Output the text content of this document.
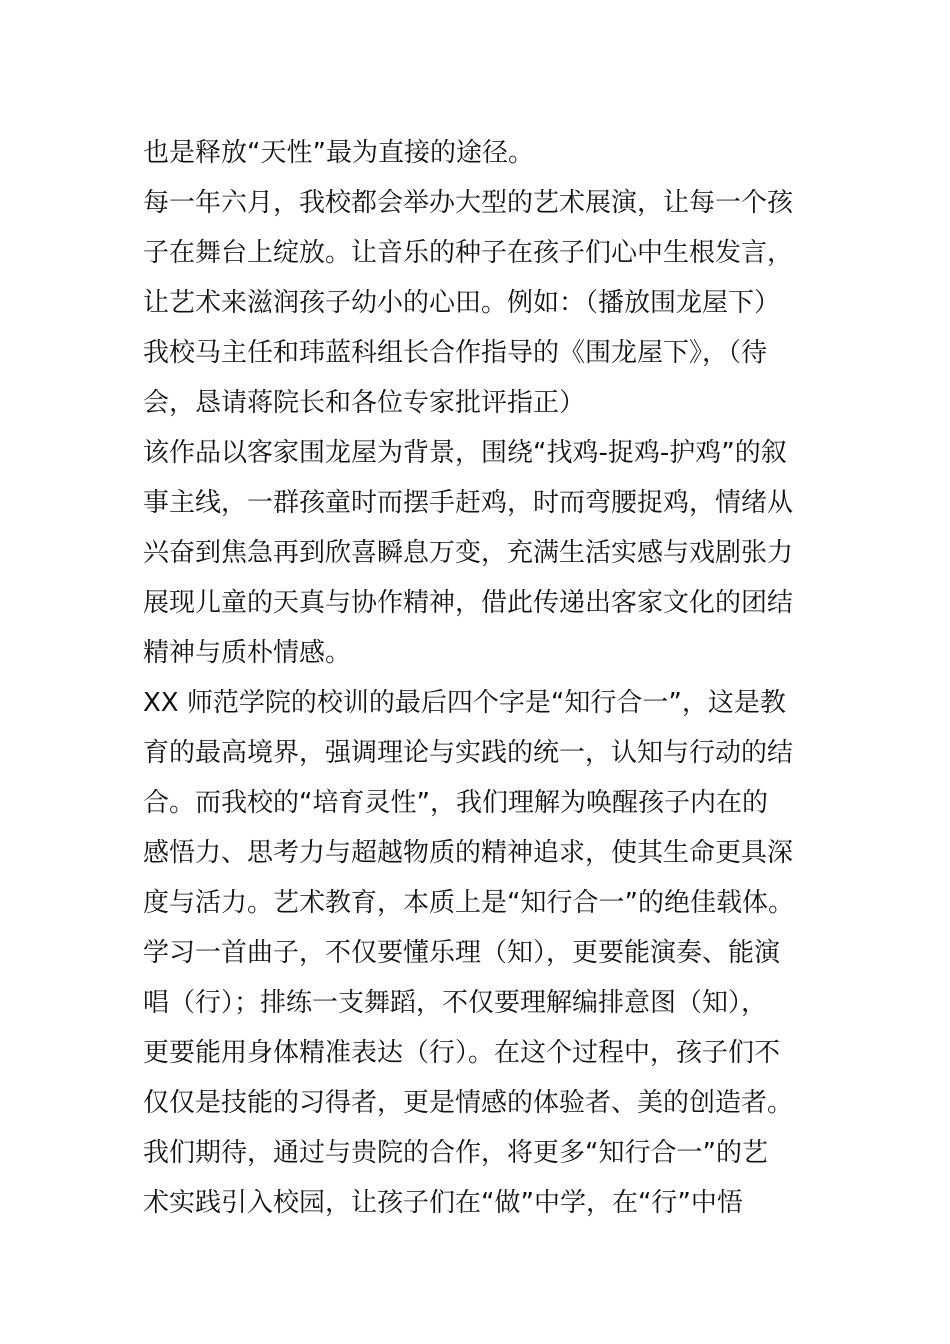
也是释放“天性”最为直接的途径。
每一年六月，我校都会举办大型的艺术展演，让每一个孩
子在舞台上绽放。让音乐的种子在孩子们心中生根发言，
让艺术来滋润孩子幼小的心田。例如：（播放围龙屋下）
我校马主任和玮蓝科组长合作指导的《围龙屋下》，（待
会，恳请蒋院长和各位专家批评指正）
该作品以客家围龙屋为背景，围绕“找鸡-捉鸡-护鸡”的叙
事主线，一群孩童时而摆手赶鸡，时而弯腰捉鸡，情绪从
兴奋到焦急再到欣喜瞬息万变，充满生活实感与戏剧张力
展现儿童的天真与协作精神，借此传递出客家文化的团结
精神与质朴情感。
XX 师范学院的校训的最后四个字是“知行合一”，这是教
育的最高境界，强调理论与实践的统一，认知与行动的结
合。而我校的“培育灵性”，我们理解为唤醒孩子内在的
感悟力、思考力与超越物质的精神追求，使其生命更具深
度与活力。艺术教育，本质上是“知行合一”的绝佳载体。
学习一首曲子，不仅要懂乐理（知），更要能演奏、能演
唱（行）；排练一支舞蹈，不仅要理解编排意图（知），
更要能用身体精准表达（行）。在这个过程中，孩子们不
仅仅是技能的习得者，更是情感的体验者、美的创造者。
我们期待，通过与贵院的合作，将更多“知行合一”的艺
术实践引入校园，让孩子们在“做”中学，在“行”中悟
